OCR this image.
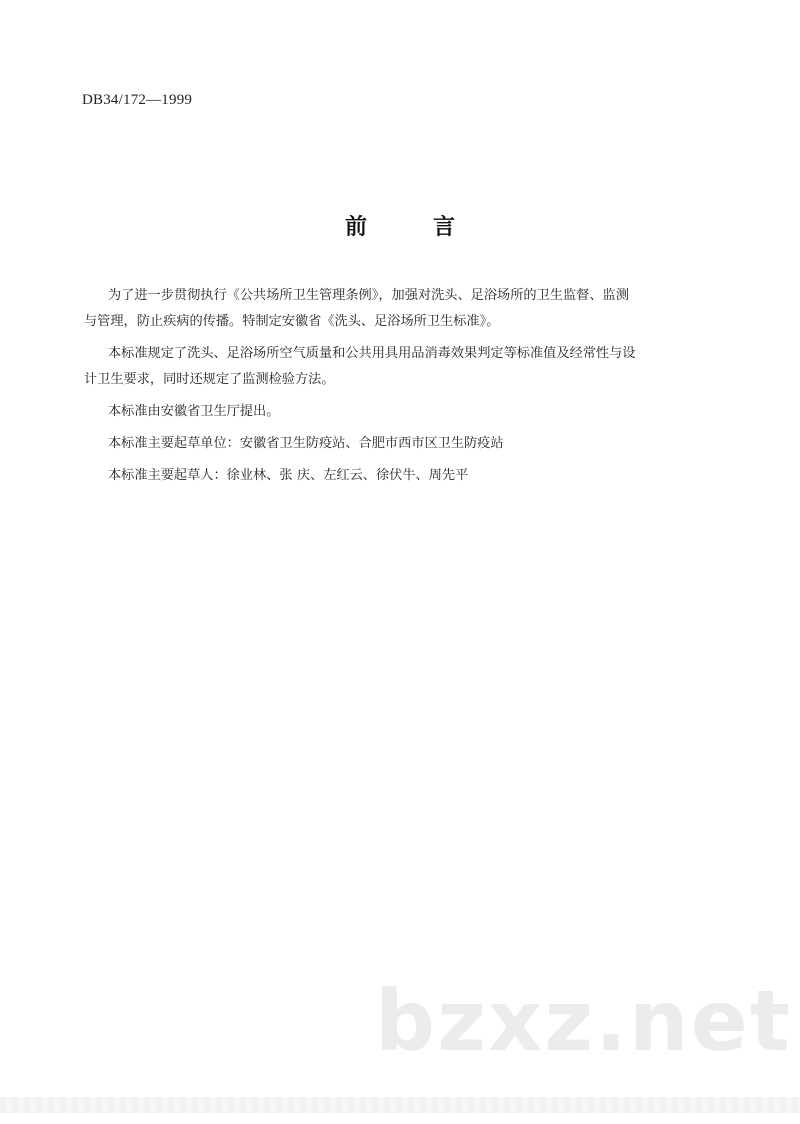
DB34/172—1999
前	言

为了进一步贯彻执行《公共场所卫生管理条例》，加强对洗头、足浴场所的卫生监督、监测
与管理，防止疾病的传播。特制定安徽省《洗头、足浴场所卫生标准》。

本标准规定了洗头、足浴场所空气质量和公共用具用品消毒效果判定等标准值及经常性与设
计卫生要求，同时还规定了监测检验方法。

本标准由安徽省卫生厅提出。

本标准主要起草单位：安徽省卫生防疫站、合肥市西市区卫生防疫站

本标准主要起草人：徐业林、张 庆、左红云、徐伏牛、周先平

bzxz.net
